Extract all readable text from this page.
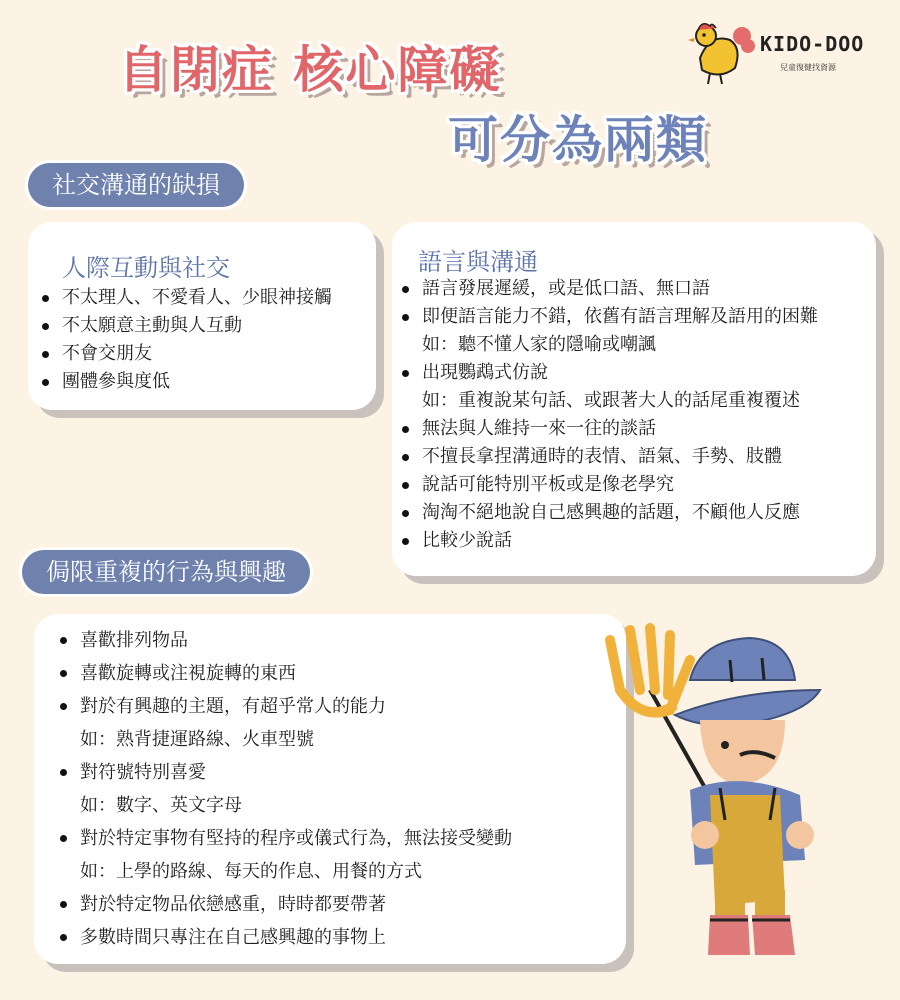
自閉症 核心障礙
可分為兩類
KIDO-DOO
兒童復健找資源
社交溝通的缺損
人際互動與社交
不太理人、不愛看人、少眼神接觸
不太願意主動與人互動
不會交朋友
團體參與度低
語言與溝通
語言發展遲緩，或是低口語、無口語
即便語言能力不錯，依舊有語言理解及語用的困難
如：聽不懂人家的隱喻或嘲諷
出現鸚鵡式仿說
如：重複說某句話、或跟著大人的話尾重複覆述
無法與人維持一來一往的談話
不擅長拿捏溝通時的表情、語氣、手勢、肢體
說話可能特別平板或是像老學究
淘淘不絕地說自己感興趣的話題，不顧他人反應
比較少說話
侷限重複的行為與興趣
喜歡排列物品
喜歡旋轉或注視旋轉的東西
對於有興趣的主題，有超乎常人的能力
如：熟背捷運路線、火車型號
對符號特別喜愛
如：數字、英文字母
對於特定事物有堅持的程序或儀式行為，無法接受變動
如：上學的路線、每天的作息、用餐的方式
對於特定物品依戀感重，時時都要帶著
多數時間只專注在自己感興趣的事物上
